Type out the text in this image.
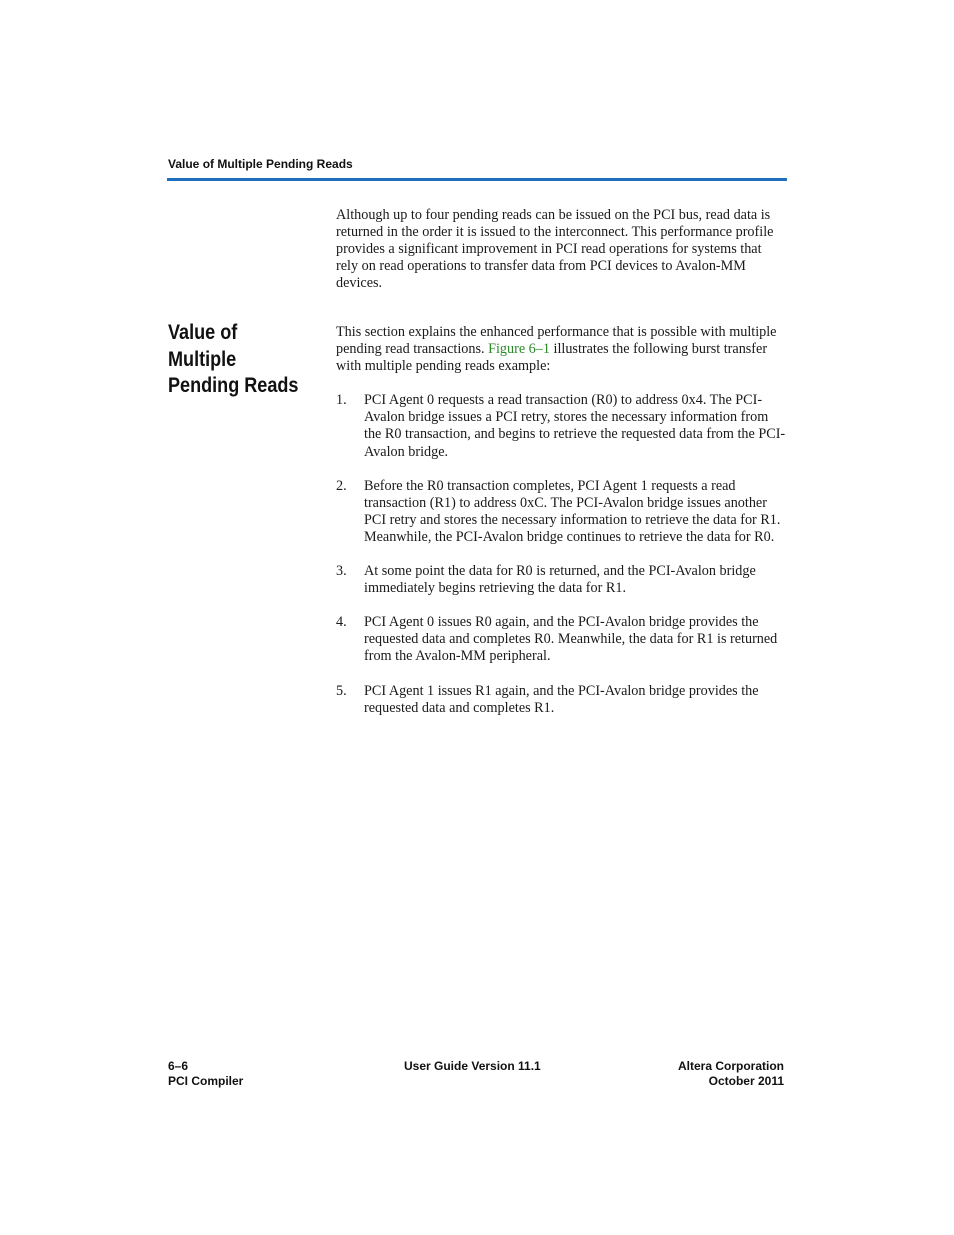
Value of Multiple Pending Reads

Although up to four pending reads can be issued on the PCI bus, read data is returned in the order it is issued to the interconnect. This performance profile provides a significant improvement in PCI read operations for systems that rely on read operations to transfer data from PCI devices to Avalon-MM devices.

Value of
Multiple
Pending Reads

This section explains the enhanced performance that is possible with multiple pending read transactions. Figure 6–1 illustrates the following burst transfer with multiple pending reads example:

1. PCI Agent 0 requests a read transaction (R0) to address 0x4. The PCI-Avalon bridge issues a PCI retry, stores the necessary information from the R0 transaction, and begins to retrieve the requested data from the PCI-Avalon bridge.
2. Before the R0 transaction completes, PCI Agent 1 requests a read transaction (R1) to address 0xC. The PCI-Avalon bridge issues another PCI retry and stores the necessary information to retrieve the data for R1. Meanwhile, the PCI-Avalon bridge continues to retrieve the data for R0.
3. At some point the data for R0 is returned, and the PCI-Avalon bridge immediately begins retrieving the data for R1.
4. PCI Agent 0 issues R0 again, and the PCI-Avalon bridge provides the requested data and completes R0. Meanwhile, the data for R1 is returned from the Avalon-MM peripheral.
5. PCI Agent 1 issues R1 again, and the PCI-Avalon bridge provides the requested data and completes R1.
6–6
PCI Compiler
User Guide Version 11.1	Altera Corporation
October 2011
